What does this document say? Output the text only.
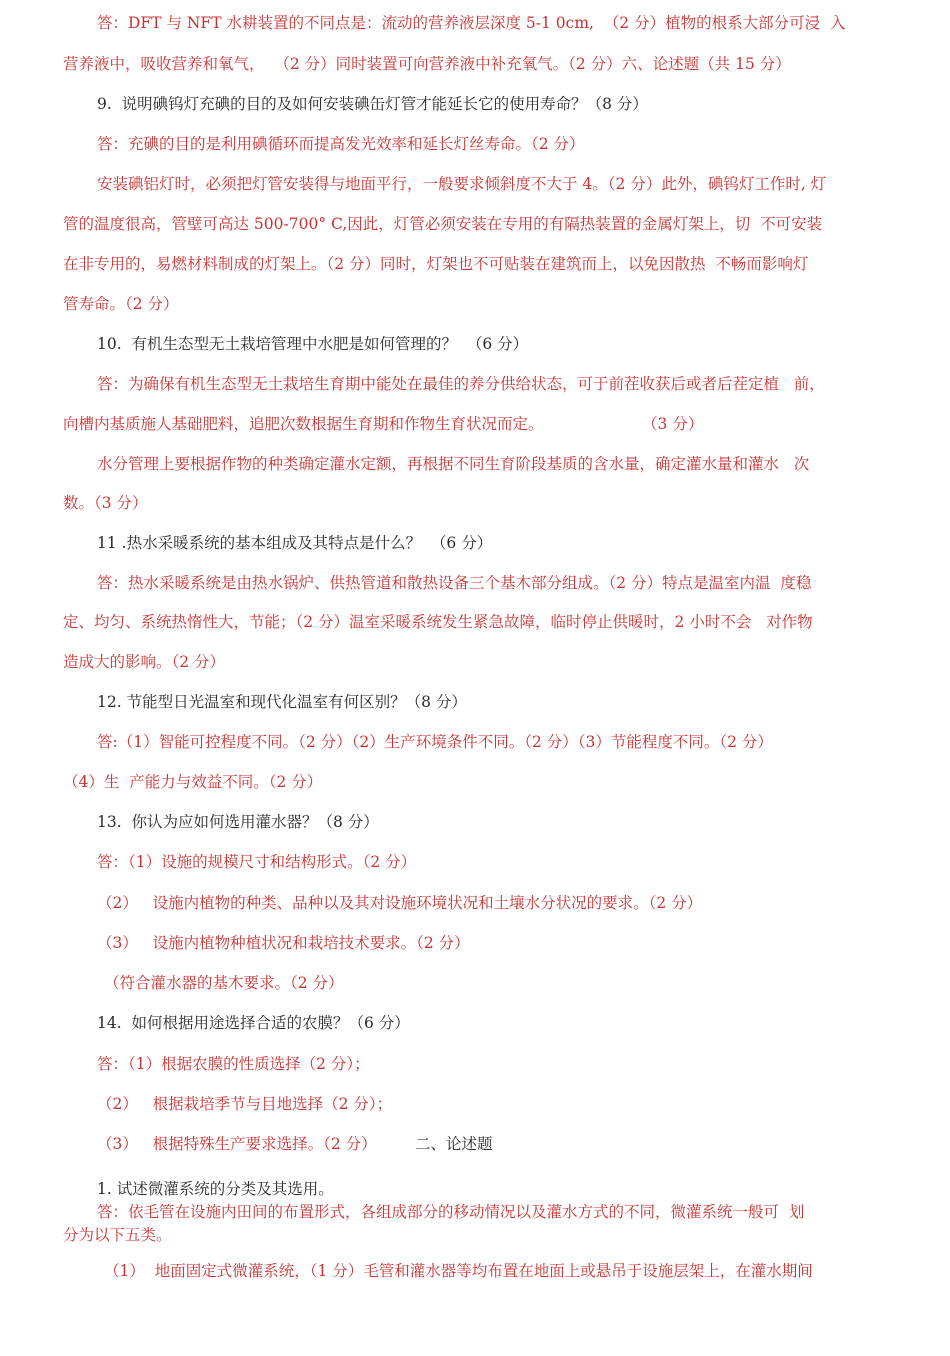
答：DFT 与 NFT 水耕装置的不同点是：流动的营养液层深度 5-1 0cm,  （2 分）植物的根系大部分可浸  入
营养液中，吸收营养和氧气，  （2 分）同时装置可向营养液中补充氧气。（2 分）六、论述题（共 15 分）
9.  说明碘钨灯充碘的目的及如何安装碘缶灯管才能延长它的使用寿命？（8 分）
答：充碘的目的是利用碘循环而提高发光效率和延长灯丝寿命。（2 分）
安装碘铝灯时，必须把灯管安装得与地面平行，一般要求倾斜度不大于 4。（2 分）此外，碘钨灯工作时, 灯
管的温度很高，管壁可高达 500-700° C,因此，灯管必须安装在专用的有隔热装置的金属灯架上，切  不可安装
在非专用的，易燃材料制成的灯架上。（2 分）同时，灯架也不可贴装在建筑而上，以免因散热  不畅而影响灯
管寿命。（2 分）
10.  有机生态型无土栽培管理中水肥是如何管理的？  （6 分）
答：为确保有机生态型无土栽培生育期中能处在最佳的养分供给状态，可于前茬收获后或者后茬定植   前，
向槽内基质施人基础肥料，追肥次数根据生育期和作物生育状况而定。                    （3 分）
水分管理上要根据作物的种类确定灌水定额，再根据不同生育阶段基质的含水量，确定灌水量和灌水   次
数。（3 分）
11 .热水采暖系统的基本组成及其特点是什么？  （6 分）
答：热水采暖系统是由热水锅炉、供热管道和散热设备三个基木部分组成。（2 分）特点是温室内温  度稳
定、均匀、系统热惰性大，节能；（2 分）温室采暖系统发生紧急故障，临时停止供暖时，2 小时不会   对作物
造成大的影响。（2 分）
12. 节能型日光温室和现代化温室有何区别？（8 分）
答:（1）智能可控程度不同。（2 分）（2）生产环境条件不同。（2 分）（3）节能程度不同。（2 分）
（4）生  产能力与效益不同。（2 分）
13.  你认为应如何选用灌水器？（8 分）
答：（1）设施的规模尺寸和结构形式。（2 分）
（2）   设施内植物的种类、品种以及其对设施环境状况和土壤水分状况的要求。（2 分）
（3）   设施内植物种植状况和栽培技术要求。（2 分）
（符合灌水器的基木要求。（2 分）
14.  如何根据用途选择合适的农膜？（6 分）
答：（1）根据农膜的性质选择（2 分）；
（2）   根据栽培季节与目地选择（2 分）；
（3）   根据特殊生产要求选择。（2 分） 二、论述题
1. 试述微灌系统的分类及其选用。
答：依毛管在设施内田间的布置形式，各组成部分的移动情况以及灌水方式的不同，微灌系统一般可  划
分为以下五类。
（1）  地面固定式微灌系统，（1 分）毛管和灌水器等均布置在地面上或悬吊于设施层架上，在灌水期间
